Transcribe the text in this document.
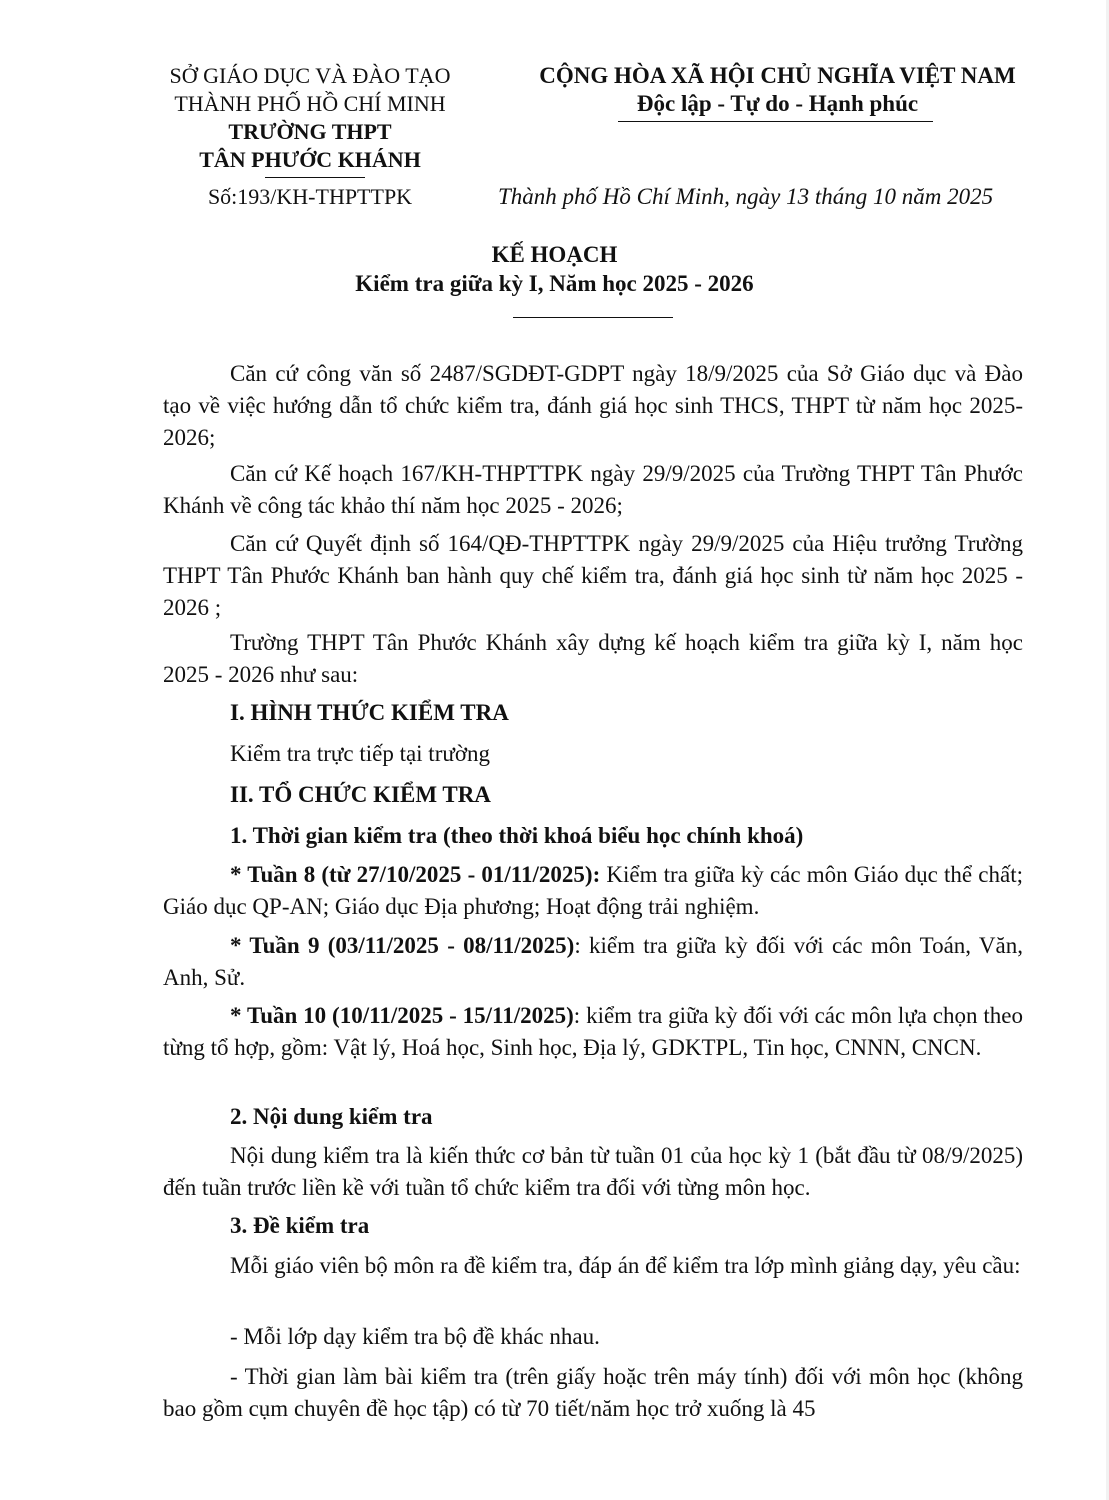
SỞ GIÁO DỤC VÀ ĐÀO TẠO
THÀNH PHỐ HỒ CHÍ MINH
TRƯỜNG THPT
TÂN PHƯỚC KHÁNH
Số:193/KH-THPTTPK
CỘNG HÒA XÃ HỘI CHỦ NGHĨA VIỆT NAM
Độc lập - Tự do - Hạnh phúc
Thành phố Hồ Chí Minh, ngày 13 tháng 10 năm 2025
KẾ HOẠCH
Kiểm tra giữa kỳ I, Năm học 2025 - 2026

Căn cứ công văn số 2487/SGDĐT-GDPT ngày 18/9/2025 của Sở Giáo dục và Đào tạo về việc hướng dẫn tổ chức kiểm tra, đánh giá học sinh THCS, THPT từ năm học 2025-2026;

Căn cứ Kế hoạch 167/KH-THPTTPK ngày 29/9/2025 của Trường THPT Tân Phước Khánh về công tác khảo thí năm học 2025 - 2026;

Căn cứ Quyết định số 164/QĐ-THPTTPK ngày 29/9/2025 của Hiệu trưởng Trường THPT Tân Phước Khánh ban hành quy chế kiểm tra, đánh giá học sinh từ năm học 2025 - 2026 ;

Trường THPT Tân Phước Khánh xây dựng kế hoạch kiểm tra giữa kỳ I, năm học 2025 - 2026 như sau:

I. HÌNH THỨC KIỂM TRA
Kiểm tra trực tiếp tại trường
II. TỔ CHỨC KIỂM TRA
1. Thời gian kiểm tra (theo thời khoá biểu học chính khoá)

* Tuần 8 (từ 27/10/2025 - 01/11/2025): Kiểm tra giữa kỳ các môn Giáo dục thể chất; Giáo dục QP-AN; Giáo dục Địa phương; Hoạt động trải nghiệm.

* Tuần 9 (03/11/2025 - 08/11/2025): kiểm tra giữa kỳ đối với các môn Toán, Văn, Anh, Sử.

* Tuần 10 (10/11/2025 - 15/11/2025): kiểm tra giữa kỳ đối với các môn lựa chọn theo từng tổ hợp, gồm: Vật lý, Hoá học, Sinh học, Địa lý, GDKTPL, Tin học, CNNN, CNCN.

2. Nội dung kiểm tra

Nội dung kiểm tra là kiến thức cơ bản từ tuần 01 của học kỳ 1 (bắt đầu từ 08/9/2025) đến tuần trước liền kề với tuần tổ chức kiểm tra đối với từng môn học.

3. Đề kiểm tra

Mỗi giáo viên bộ môn ra đề kiểm tra, đáp án để kiểm tra lớp mình giảng dạy, yêu cầu:

- Mỗi lớp dạy kiểm tra bộ đề khác nhau.

- Thời gian làm bài kiểm tra (trên giấy hoặc trên máy tính) đối với môn học (không bao gồm cụm chuyên đề học tập) có từ 70 tiết/năm học trở xuống là 45
